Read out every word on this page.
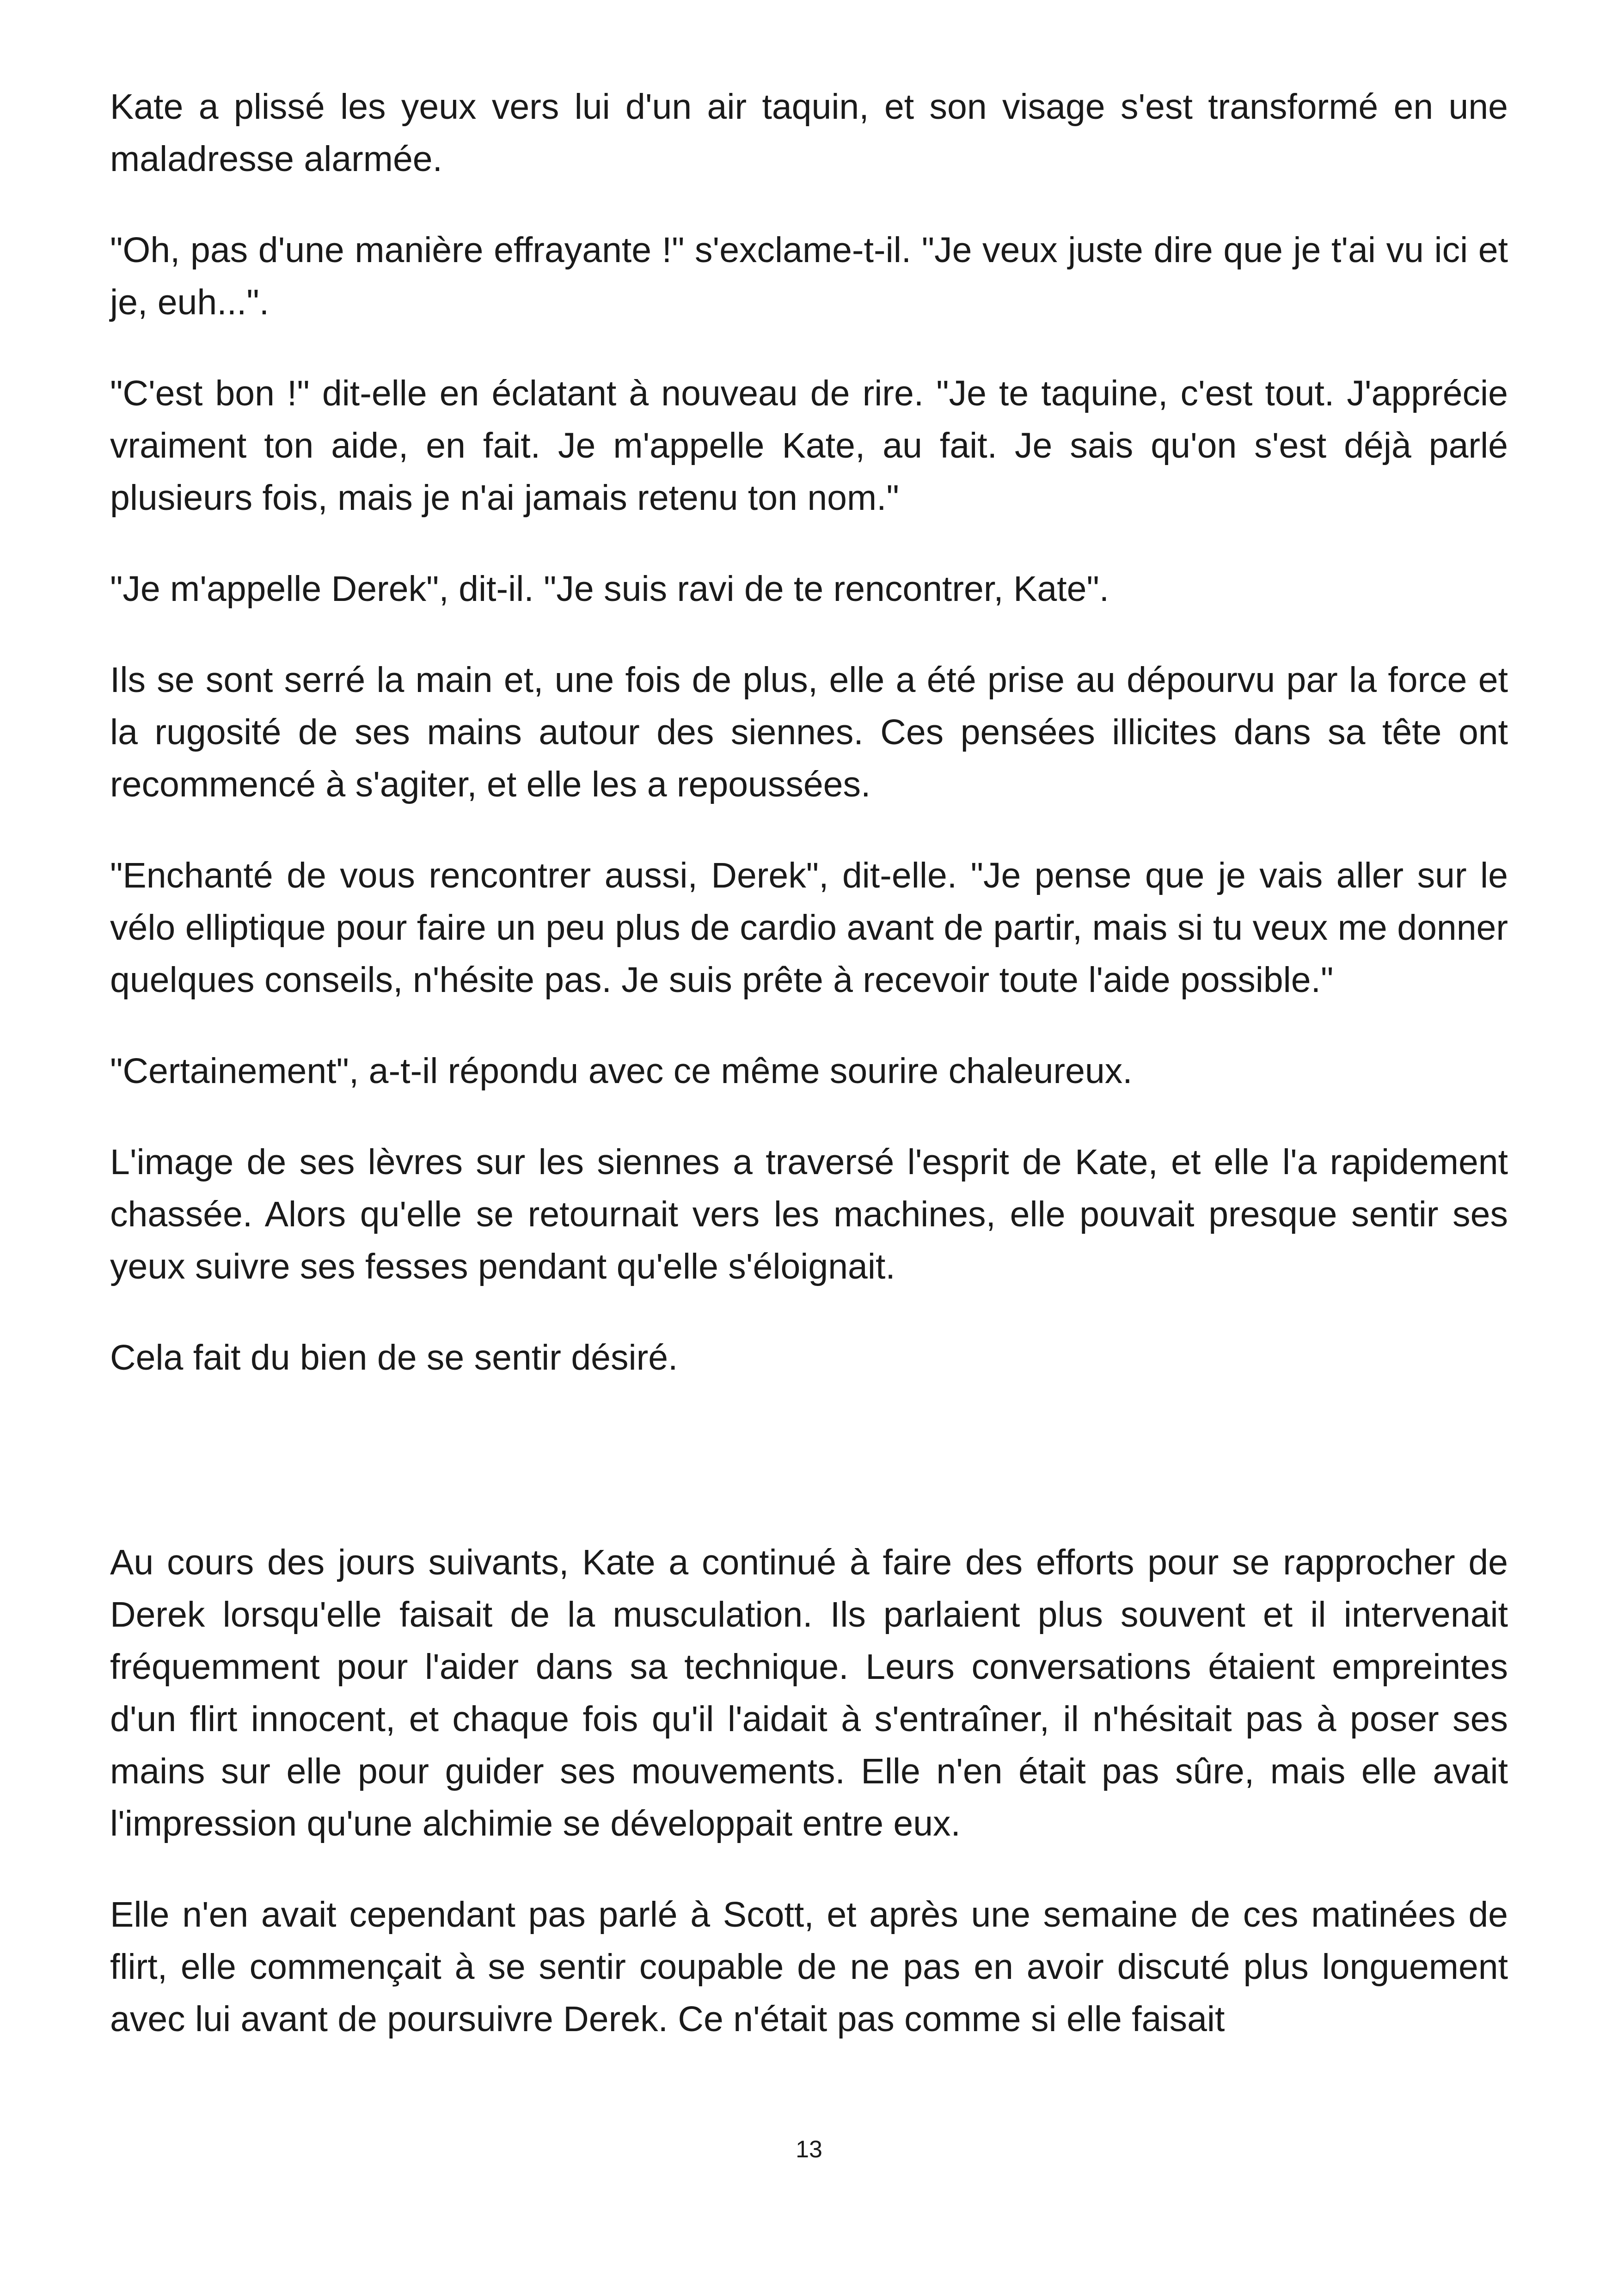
Kate a plissé les yeux vers lui d'un air taquin, et son visage s'est transformé en une maladresse alarmée.

"Oh, pas d'une manière effrayante !" s'exclame-t-il. "Je veux juste dire que je t'ai vu ici et je, euh...".

"C'est bon !" dit-elle en éclatant à nouveau de rire. "Je te taquine, c'est tout. J'apprécie vraiment ton aide, en fait. Je m'appelle Kate, au fait. Je sais qu'on s'est déjà parlé plusieurs fois, mais je n'ai jamais retenu ton nom."

"Je m'appelle Derek", dit-il. "Je suis ravi de te rencontrer, Kate".

Ils se sont serré la main et, une fois de plus, elle a été prise au dépourvu par la force et la rugosité de ses mains autour des siennes. Ces pensées illicites dans sa tête ont recommencé à s'agiter, et elle les a repoussées.

"Enchanté de vous rencontrer aussi, Derek", dit-elle. "Je pense que je vais aller sur le vélo elliptique pour faire un peu plus de cardio avant de partir, mais si tu veux me donner quelques conseils, n'hésite pas. Je suis prête à recevoir toute l'aide possible."

"Certainement", a-t-il répondu avec ce même sourire chaleureux.

L'image de ses lèvres sur les siennes a traversé l'esprit de Kate, et elle l'a rapidement chassée. Alors qu'elle se retournait vers les machines, elle pouvait presque sentir ses yeux suivre ses fesses pendant qu'elle s'éloignait.

Cela fait du bien de se sentir désiré.

Au cours des jours suivants, Kate a continué à faire des efforts pour se rapprocher de Derek lorsqu'elle faisait de la musculation. Ils parlaient plus souvent et il intervenait fréquemment pour l'aider dans sa technique. Leurs conversations étaient empreintes d'un flirt innocent, et chaque fois qu'il l'aidait à s'entraîner, il n'hésitait pas à poser ses mains sur elle pour guider ses mouvements. Elle n'en était pas sûre, mais elle avait l'impression qu'une alchimie se développait entre eux.

Elle n'en avait cependant pas parlé à Scott, et après une semaine de ces matinées de flirt, elle commençait à se sentir coupable de ne pas en avoir discuté plus longuement avec lui avant de poursuivre Derek. Ce n'était pas comme si elle faisait

13
